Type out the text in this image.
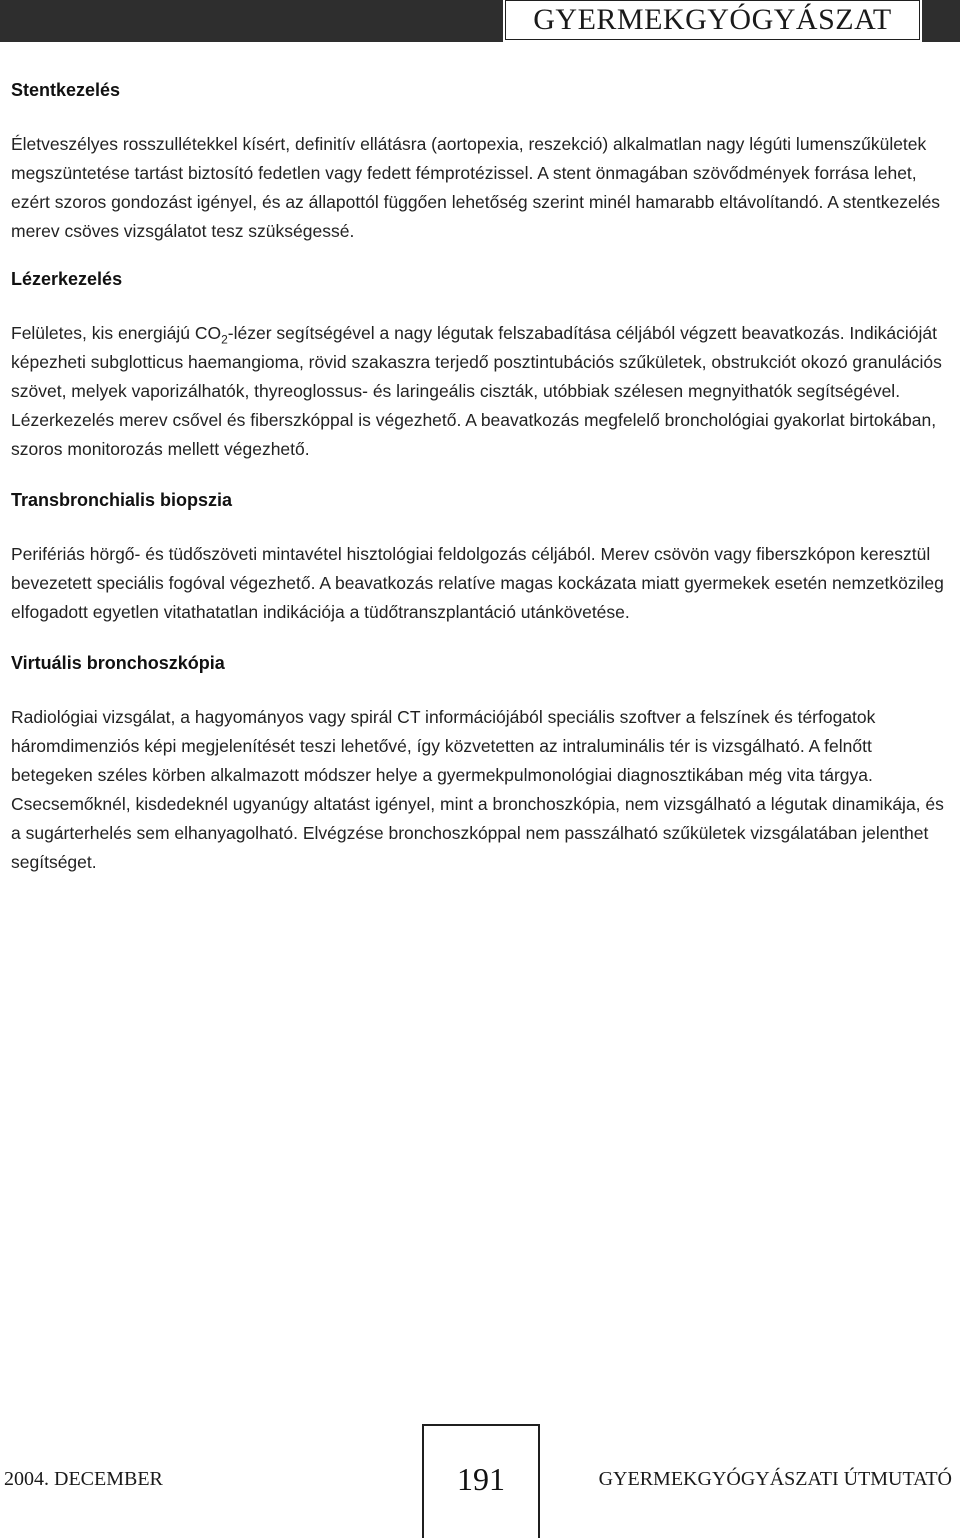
GYERMEKGYÓGYÁSZAT
Stentkezelés

Életveszélyes rosszullétekkel kísért, definitív ellátásra (aortopexia, reszekció) alkalmatlan nagy légúti lumenszűkületek megszüntetése tartást biztosító fedetlen vagy fedett fémprotézissel. A stent önmagában szövődmények forrása lehet, ezért szoros gondozást igényel, és az állapottól függően lehetőség szerint minél hamarabb eltávolítandó. A stentkezelés merev csöves vizsgálatot tesz szükségessé.

Lézerkezelés

Felületes, kis energiájú $CO_2$-lézer segítségével a nagy légutak felszabadítása céljából végzett beavatkozás. Indikációját képezheti subglotticus haemangioma, rövid szakaszra terjedő posztintubációs szűkületek, obstrukciót okozó granulációs szövet, melyek vaporizálhatók, thyreoglossus- és laringeális ciszták, utóbbiak szélesen megnyithatók segítségével. Lézerkezelés merev csővel és fiberszkóppal is végezhető. A beavatkozás megfelelő bronchológiai gyakorlat birtokában, szoros monitorozás mellett végezhető.

Transbronchialis biopszia

Perifériás hörgő- és tüdőszöveti mintavétel hisztológiai feldolgozás céljából. Merev csövön vagy fiberszkópon keresztül bevezetett speciális fogóval végezhető. A beavatkozás relatíve magas kockázata miatt gyermekek esetén nemzetközileg elfogadott egyetlen vitathatatlan indikációja a tüdőtranszplantáció utánkövetése.

Virtuális bronchoszkópia

Radiológiai vizsgálat, a hagyományos vagy spirál CT információjából speciális szoftver a felszínek és térfogatok háromdimenziós képi megjelenítését teszi lehetővé, így közvetetten az intraluminális tér is vizsgálható. A felnőtt betegeken széles körben alkalmazott módszer helye a gyermekpulmonológiai diagnosztikában még vita tárgya. Csecsemőknél, kisdedeknél ugyanúgy altatást igényel, mint a bronchoszkópia, nem vizsgálható a légutak dinamikája, és a sugárterhelés sem elhanyagolható. Elvégzése bronchoszkóppal nem passzálható szűkületek vizsgálatában jelenthet segítséget.

2004. DECEMBER	191	GYERMEKGYÓGYÁSZATI ÚTMUTATÓ
